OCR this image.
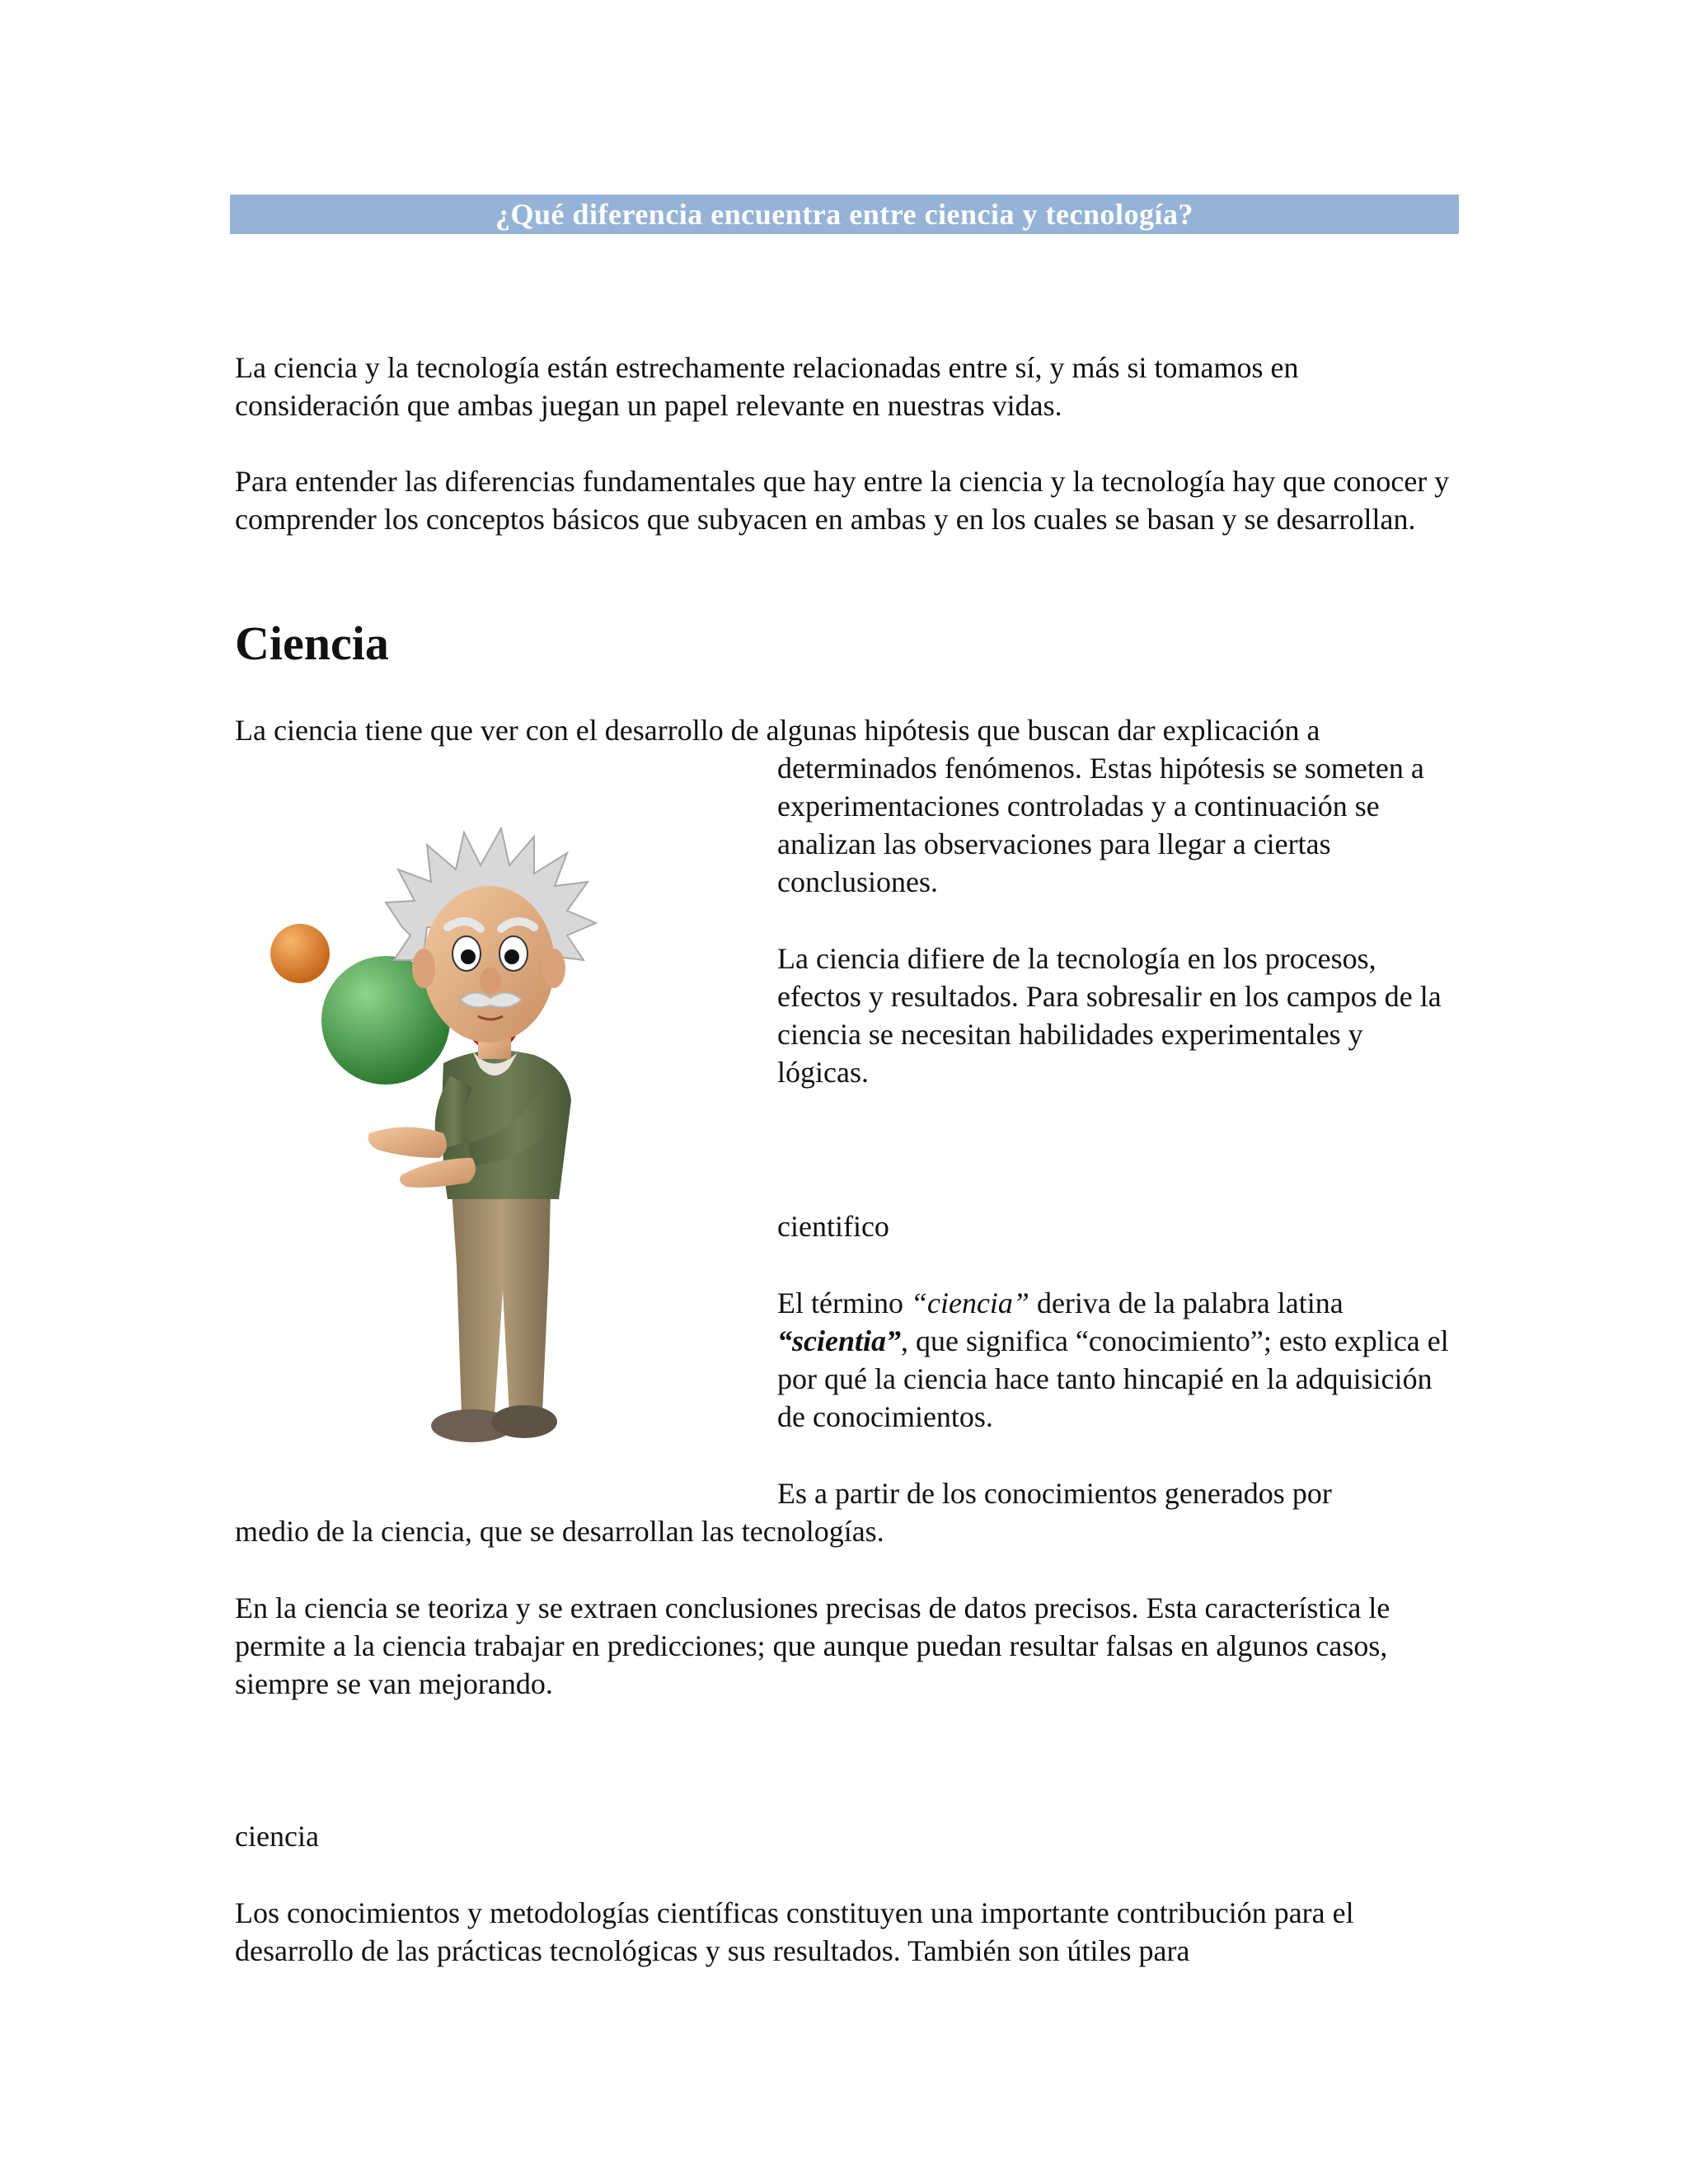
¿Qué diferencia encuentra entre ciencia y tecnología?

La ciencia y la tecnología están estrechamente relacionadas entre sí, y más si tomamos en consideración que ambas juegan un papel relevante en nuestras vidas.

Para entender las diferencias fundamentales que hay entre la ciencia y la tecnología hay que conocer y comprender los conceptos básicos que subyacen en ambas y en los cuales se basan y se desarrollan.

Ciencia

La ciencia tiene que ver con el desarrollo de algunas hipótesis que buscan dar explicación a

determinados fenómenos. Estas hipótesis se someten a experimentaciones controladas y a continuación se analizan las observaciones para llegar a ciertas conclusiones.

La ciencia difiere de la tecnología en los procesos, efectos y resultados. Para sobresalir en los campos de la ciencia se necesitan habilidades experimentales y lógicas.

cientifico

El término “ciencia” deriva de la palabra latina “scientia”, que significa “conocimiento”; esto explica el por qué la ciencia hace tanto hincapié en la adquisición de conocimientos.

Es a partir de los conocimientos generados por

medio de la ciencia, que se desarrollan las tecnologías.

En la ciencia se teoriza y se extraen conclusiones precisas de datos precisos. Esta característica le permite a la ciencia trabajar en predicciones; que aunque puedan resultar falsas en algunos casos, siempre se van mejorando.

ciencia

Los conocimientos y metodologías científicas constituyen una importante contribución para el desarrollo de las prácticas tecnológicas y sus resultados. También son útiles para
